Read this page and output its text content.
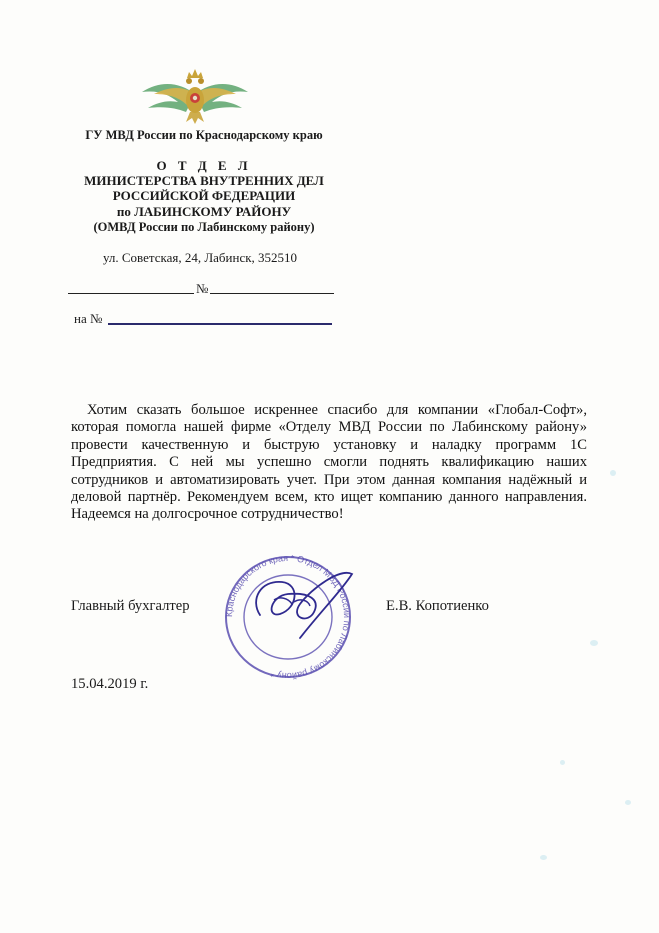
ГУ МВД России по Краснодарскому краю
О Т Д Е Л
МИНИСТЕРСТВА ВНУТРЕННИХ ДЕЛ
РОССИЙСКОЙ ФЕДЕРАЦИИ
по ЛАБИНСКОМУ РАЙОНУ
(ОМВД России по Лабинскому району)
ул. Советская, 24, Лабинск, 352510
№
на №
Хотим сказать большое искреннее спасибо для компании «Глобал-Софт», которая помогла нашей фирме «Отделу МВД России по Лабинскому району» провести качественную и быструю установку и наладку программ 1С Предприятия. С ней мы успешно смогли поднять квалификацию наших сотрудников и автоматизировать учет. При этом данная компания надёжный и деловой партнёр. Рекомендуем всем, кто ищет компанию данного направления. Надеемся на долгосрочное сотрудничество!
Главный бухгалтер	Е.В. Копотиенко
Краснодарского края * Отдел МВД России по Лабинскому району *
15.04.2019 г.
